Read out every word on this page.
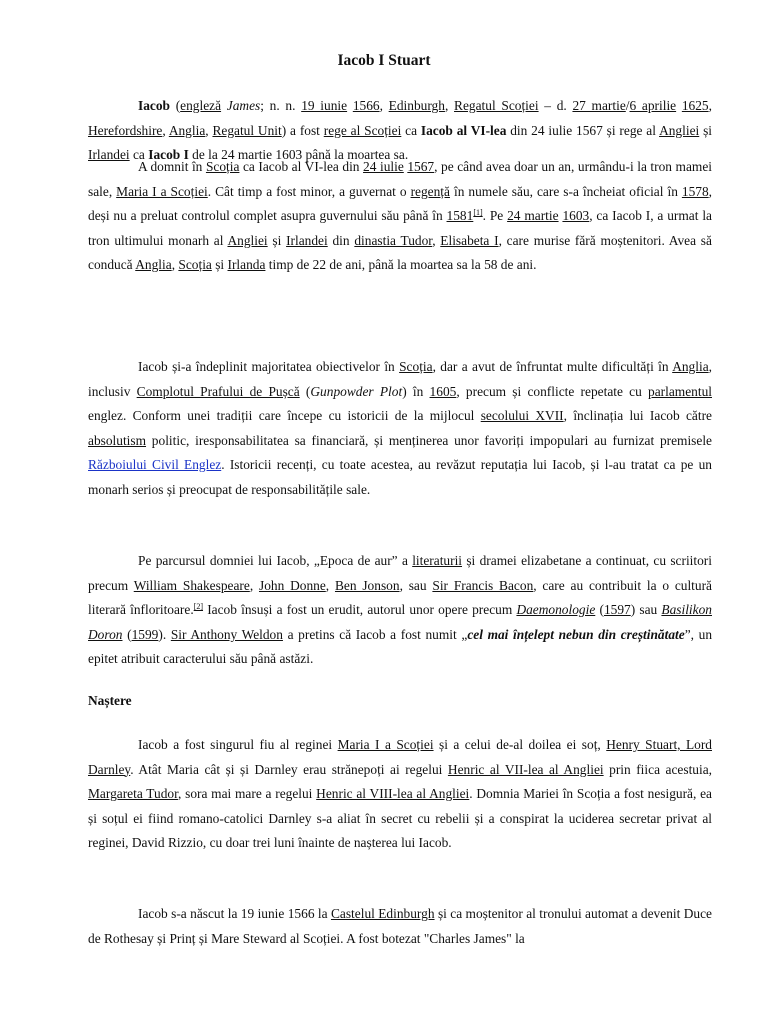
Iacob I Stuart

Iacob (engleză James; n. n. 19 iunie 1566, Edinburgh, Regatul Scoției – d. 27 martie/6 aprilie 1625, Herefordshire, Anglia, Regatul Unit) a fost rege al Scoției ca Iacob al VI-lea din 24 iulie 1567 și rege al Angliei și Irlandei ca Iacob I de la 24 martie 1603 până la moartea sa.

A domnit în Scoția ca Iacob al VI-lea din 24 iulie 1567, pe când avea doar un an, urmându-i la tron mamei sale, Maria I a Scoției. Cât timp a fost minor, a guvernat o regență în numele său, care s-a încheiat oficial în 1578, deși nu a preluat controlul complet asupra guvernului său până în 1581[1]. Pe 24 martie 1603, ca Iacob I, a urmat la tron ultimului monarh al Angliei și Irlandei din dinastia Tudor, Elisabeta I, care murise fără moștenitori. Avea să conducă Anglia, Scoția și Irlanda timp de 22 de ani, până la moartea sa la 58 de ani.

Iacob și-a îndeplinit majoritatea obiectivelor în Scoția, dar a avut de înfruntat multe dificultăți în Anglia, inclusiv Complotul Prafului de Pușcă (Gunpowder Plot) în 1605, precum și conflicte repetate cu parlamentul englez. Conform unei tradiții care începe cu istoricii de la mijlocul secolului XVII, înclinația lui Iacob către absolutism politic, iresponsabilitatea sa financiară, și menținerea unor favoriți impopulari au furnizat premisele Războiului Civil Englez. Istoricii recenți, cu toate acestea, au revăzut reputația lui Iacob, și l-au tratat ca pe un monarh serios și preocupat de responsabilitățile sale.

Pe parcursul domniei lui Iacob, „Epoca de aur” a literaturii și dramei elizabetane a continuat, cu scriitori precum William Shakespeare, John Donne, Ben Jonson, sau Sir Francis Bacon, care au contribuit la o cultură literară înfloritoare.[2] Iacob însuși a fost un erudit, autorul unor opere precum Daemonologie (1597) sau Basilikon Doron (1599). Sir Anthony Weldon a pretins că Iacob a fost numit „cel mai înțelept nebun din creștinătate”, un epitet atribuit caracterului său până astăzi.

Naștere

Iacob a fost singurul fiu al reginei Maria I a Scoției și a celui de-al doilea ei soț, Henry Stuart, Lord Darnley. Atât Maria cât și și Darnley erau strănepoți ai regelui Henric al VII-lea al Angliei prin fiica acestuia, Margareta Tudor, sora mai mare a regelui Henric al VIII-lea al Angliei. Domnia Mariei în Scoția a fost nesigură, ea și soțul ei fiind romano-catolici Darnley s-a aliat în secret cu rebelii și a conspirat la uciderea secretar privat al reginei, David Rizzio, cu doar trei luni înainte de nașterea lui Iacob.

Iacob s-a născut la 19 iunie 1566 la Castelul Edinburgh și ca moștenitor al tronului automat a devenit Duce de Rothesay și Prinț și Mare Steward al Scoției. A fost botezat "Charles James" la
